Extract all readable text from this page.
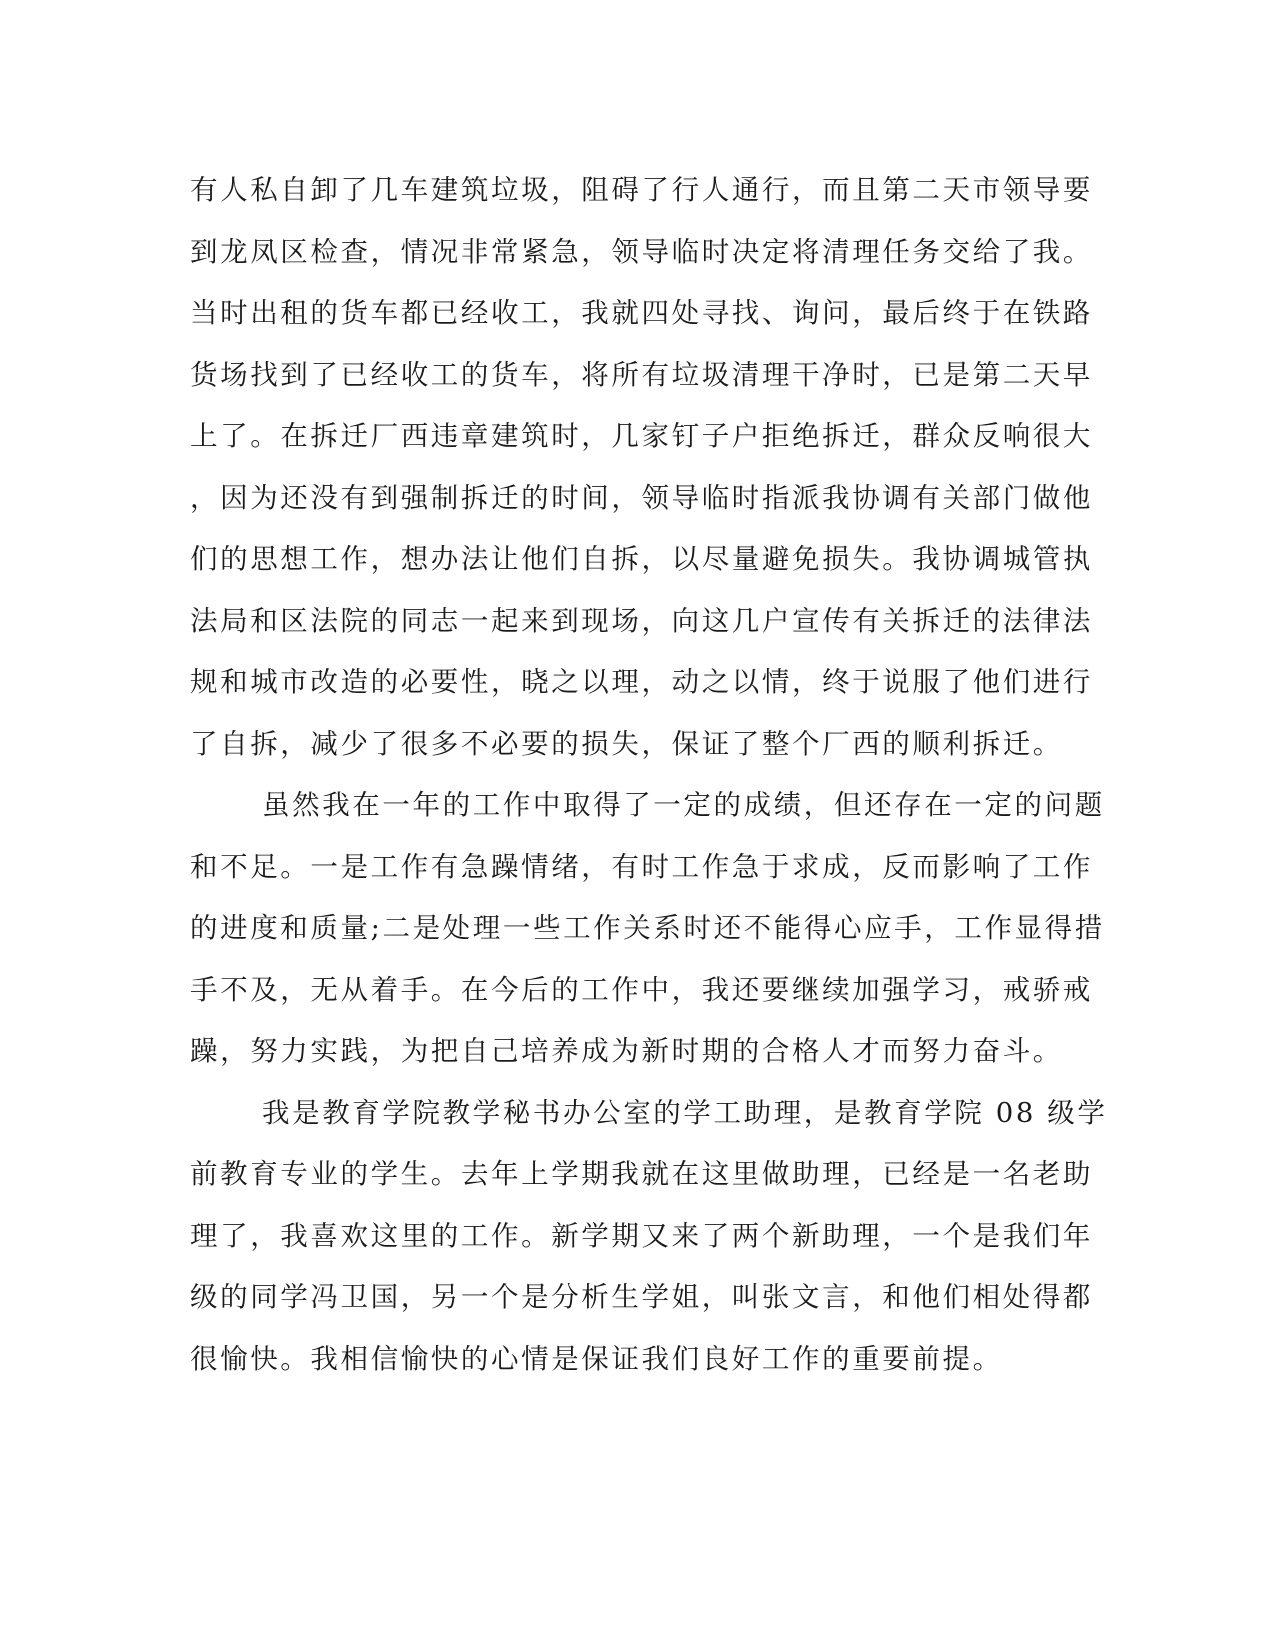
有人私自卸了几车建筑垃圾，阻碍了行人通行，而且第二天市领导要
到龙凤区检查，情况非常紧急，领导临时决定将清理任务交给了我。
当时出租的货车都已经收工，我就四处寻找、询问，最后终于在铁路
货场找到了已经收工的货车，将所有垃圾清理干净时，已是第二天早
上了。在拆迁厂西违章建筑时，几家钉子户拒绝拆迁，群众反响很大
，因为还没有到强制拆迁的时间，领导临时指派我协调有关部门做他
们的思想工作，想办法让他们自拆，以尽量避免损失。我协调城管执
法局和区法院的同志一起来到现场，向这几户宣传有关拆迁的法律法
规和城市改造的必要性，晓之以理，动之以情，终于说服了他们进行
了自拆，减少了很多不必要的损失，保证了整个厂西的顺利拆迁。
虽然我在一年的工作中取得了一定的成绩，但还存在一定的问题
和不足。一是工作有急躁情绪，有时工作急于求成，反而影响了工作
的进度和质量;二是处理一些工作关系时还不能得心应手，工作显得措
手不及，无从着手。在今后的工作中，我还要继续加强学习，戒骄戒
躁，努力实践，为把自己培养成为新时期的合格人才而努力奋斗。
我是教育学院教学秘书办公室的学工助理，是教育学院 08 级学
前教育专业的学生。去年上学期我就在这里做助理，已经是一名老助
理了，我喜欢这里的工作。新学期又来了两个新助理，一个是我们年
级的同学冯卫国，另一个是分析生学姐，叫张文言，和他们相处得都
很愉快。我相信愉快的心情是保证我们良好工作的重要前提。
